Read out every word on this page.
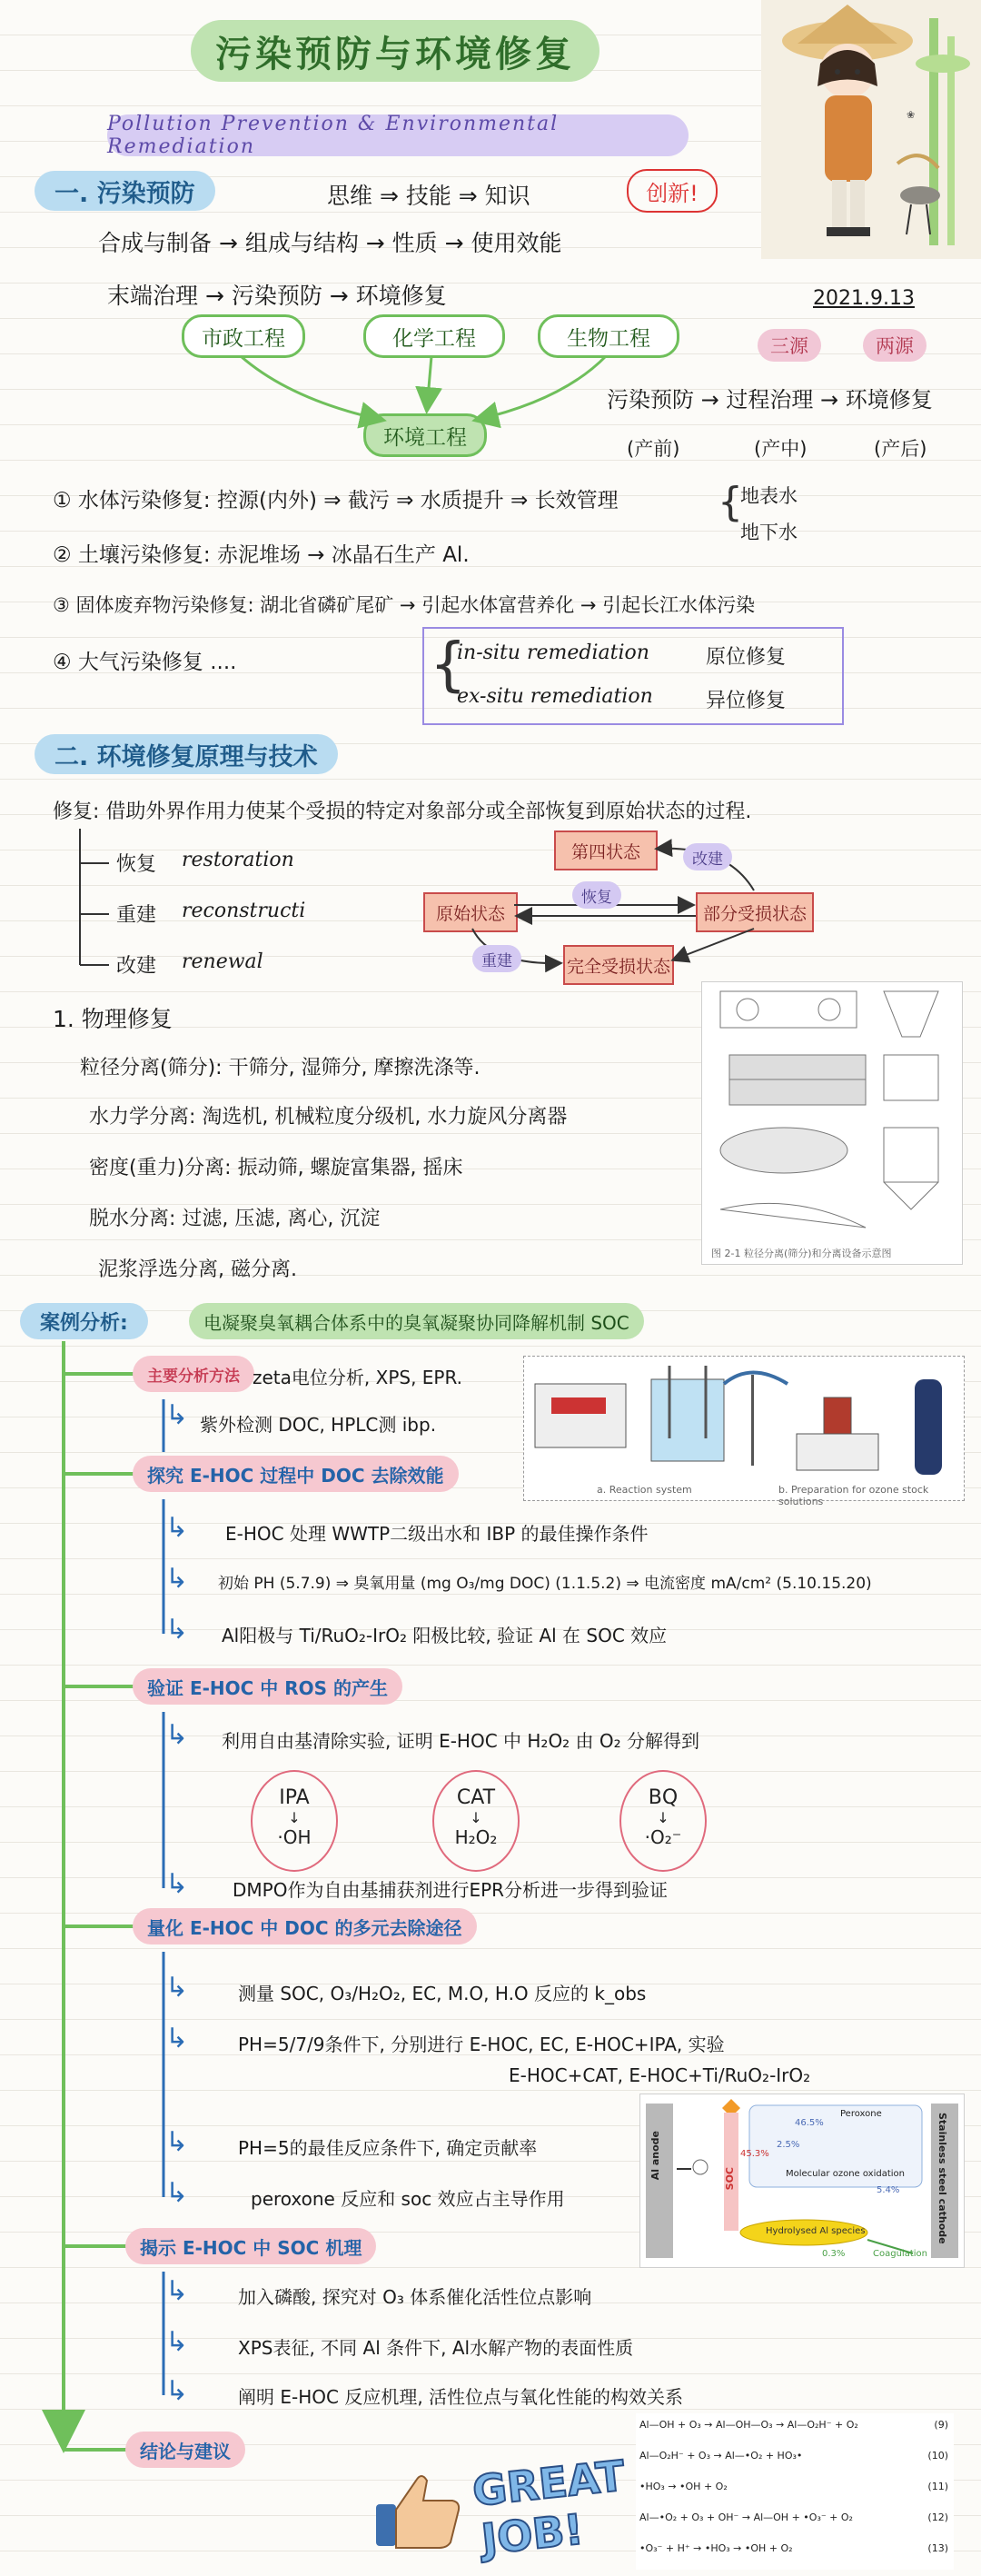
污染预防与环境修复
Pollution Prevention & Environmental Remediation
❀
一. 污染预防	思维 ⇒ 技能 ⇒ 知识	创新!
合成与制备 → 组成与结构 → 性质 → 使用效能
末端治理 → 污染预防 → 环境修复	2021.9.13
市政工程	化学工程	生物工程
环境工程
三源	两源
污染预防 → 过程治理 → 环境修复
(产前)	(产中)	(产后)
① 水体污染修复: 控源(内外) ⇒ 截污 ⇒ 水质提升 ⇒ 长效管理 {
地表水
地下水
② 土壤污染修复: 赤泥堆场 → 冰晶石生产 Al.
③ 固体废弃物污染修复: 湖北省磷矿尾矿 → 引起水体富营养化 → 引起长江水体污染
④ 大气污染修复 ....	{
in-situ remediation	原位修复
ex-situ remediation	异位修复
二. 环境修复原理与技术
修复: 借助外界作用力使某个受损的特定对象部分或全部恢复到原始状态的过程.
恢复 restoration
重建 reconstructi
改建 renewal
第四状态
原始状态	部分受损状态
完全受损状态
改建
恢复
重建
1. 物理修复
粒径分离(筛分): 干筛分, 湿筛分, 摩擦洗涤等.
水力学分离: 淘选机, 机械粒度分级机, 水力旋风分离器
密度(重力)分离: 振动筛, 螺旋富集器, 摇床
脱水分离: 过滤, 压滤, 离心, 沉淀
泥浆浮选分离, 磁分离.
图 2-1 粒径分离(筛分)和分离设备示意图
案例分析:	电凝聚臭氧耦合体系中的臭氧凝聚协同降解机制 SOC
主要分析方法 zeta电位分析, XPS, EPR.
紫外检测 DOC, HPLC测 ibp.
↳
a. Reaction system	b. Preparation for ozone stock solutions
探究 E-HOC 过程中 DOC 去除效能
↳ E-HOC 处理 WWTP二级出水和 IBP 的最佳操作条件
↳ 初始 PH (5.7.9) ⇒ 臭氧用量 (mg O₃/mg DOC) (1.1.5.2) ⇒ 电流密度 mA/cm² (5.10.15.20)
↳ Al阳极与 Ti/RuO₂-IrO₂ 阳极比较, 验证 Al 在 SOC 效应
验证 E-HOC 中 ROS 的产生
↳ 利用自由基清除实验, 证明 E-HOC 中 H₂O₂ 由 O₂ 分解得到
IPA
↓
·OH
CAT
↓
H₂O₂
BQ
↓
·O₂⁻
↳ DMPO作为自由基捕获剂进行EPR分析进一步得到验证
量化 E-HOC 中 DOC 的多元去除途径
↳	测量 SOC, O₃/H₂O₂, EC, M.O, H.O 反应的 k_obs
↳	PH=5/7/9条件下, 分别进行 E-HOC, EC, E-HOC+IPA, 实验
E-HOC+CAT, E-HOC+Ti/RuO₂-IrO₂
↳	PH=5的最佳反应条件下, 确定贡献率
↳	peroxone 反应和 soc 效应占主导作用
Al anode	Stainless steel cathode
Peroxone
Molecular ozone oxidation
Hydrolysed Al species
Coagulation
SOC
46.5%
2.5%
45.3%
5.4%
0.3%
揭示 E-HOC 中 SOC 机理
↳	加入磷酸, 探究对 O₃ 体系催化活性位点影响
↳	XPS表征, 不同 Al 条件下, Al水解产物的表面性质
↳	阐明 E-HOC 反应机理, 活性位点与氧化性能的构效关系
结论与建议
Al—OH + O₃ → Al—OH—O₃ → Al—O₂H⁻ + O₂	(9)
Al—O₂H⁻ + O₃ → Al—•O₂ + HO₃•	(10)
•HO₃ → •OH + O₂	(11)
Al—•O₂ + O₃ + OH⁻ → Al—OH + •O₃⁻ + O₂	(12)
•O₃⁻ + H⁺ → •HO₃ → •OH + O₂	(13)
GREAT
JOB!
